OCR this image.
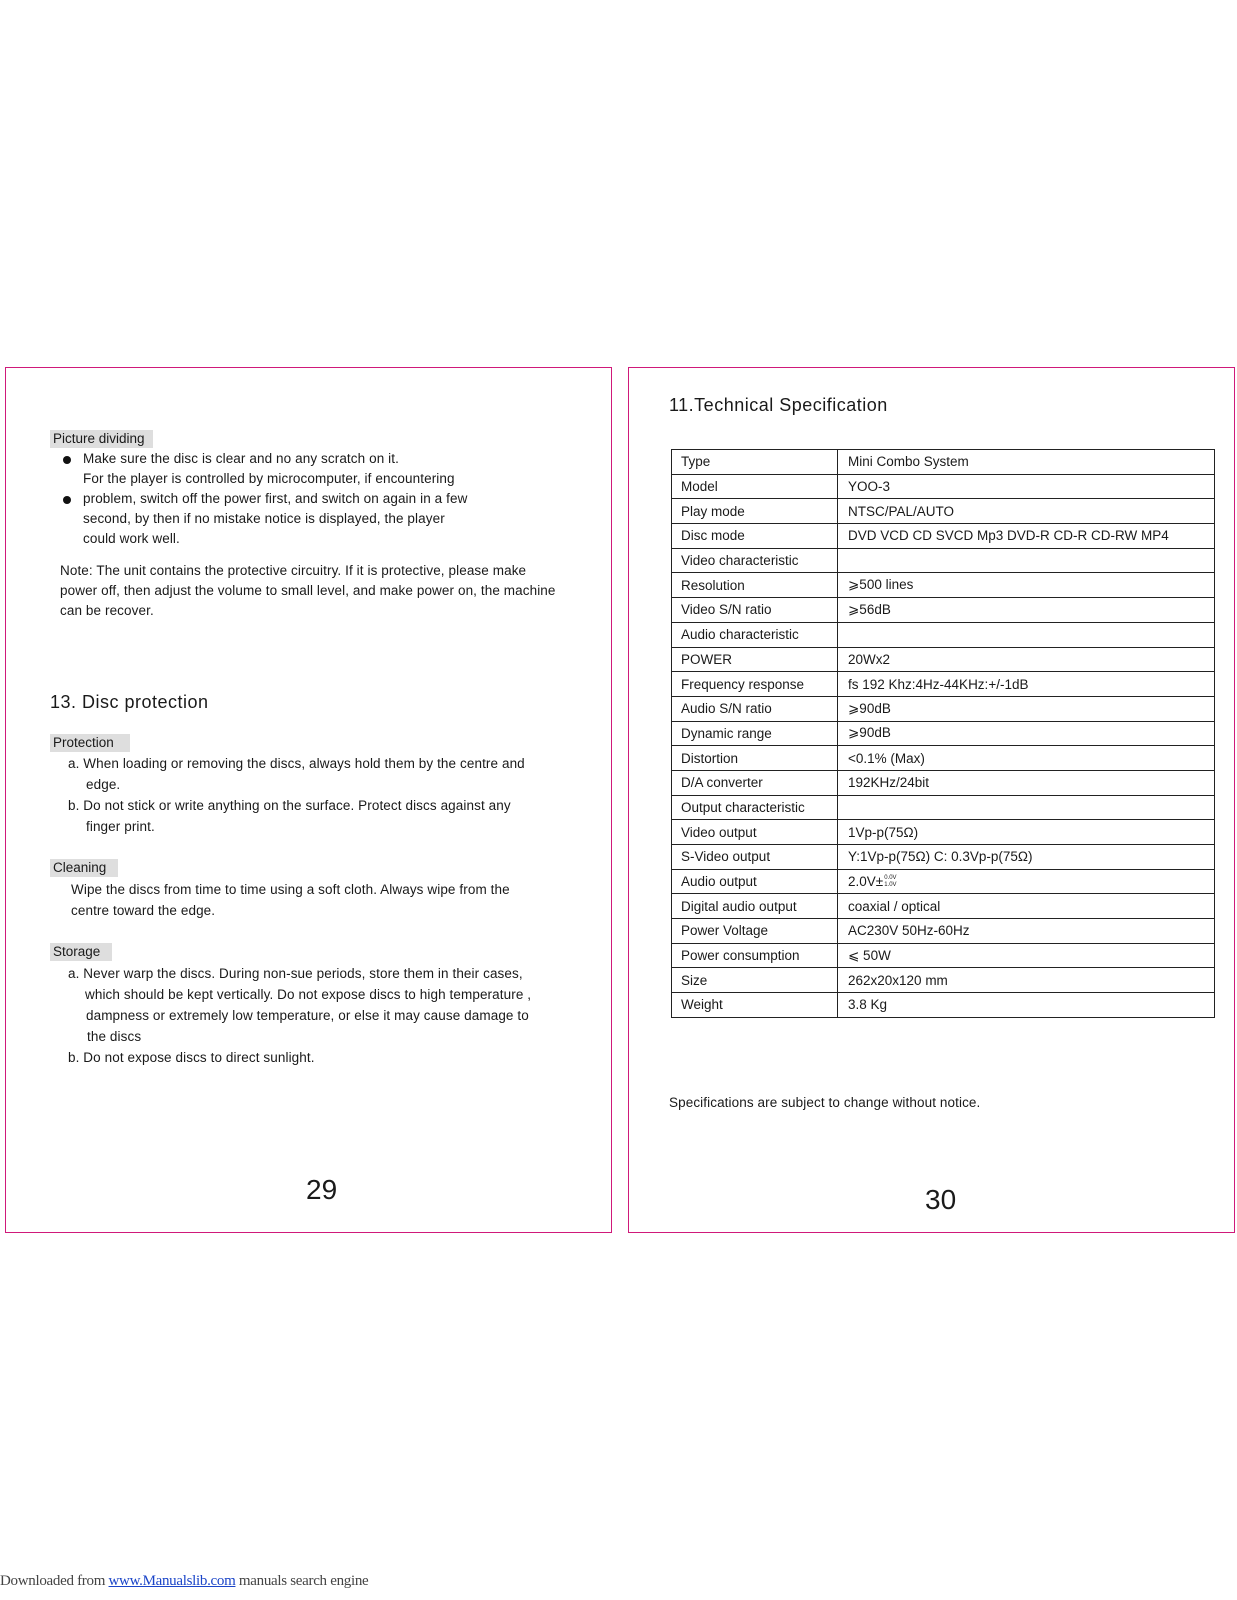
Picture dividing
Make sure the disc is clear and no any scratch on it.
For the player is controlled by microcomputer, if encountering
problem, switch off the power first, and switch on again in a few
second, by then if no mistake notice is displayed, the player
could work well.
Note: The unit contains the protective circuitry. If it is protective, please make
power off, then adjust the volume to small level, and make power on, the machine
can be recover.
13. Disc protection
Protection
a. When loading or removing the discs, always hold them by the centre and
edge.
b. Do not stick or write anything on the surface. Protect discs against any
finger print.
Cleaning
Wipe the discs from time to time using a soft cloth. Always wipe from the
centre toward the edge.
Storage
a. Never warp the discs. During non-sue periods, store them in their cases,
which should be kept vertically. Do not expose discs to high temperature ,
dampness or extremely low temperature, or else it may cause damage to
the discs
b. Do not expose discs to direct sunlight.
29
11.Technical Specification
Type	Mini Combo System
Model	YOO-3
Play mode	NTSC/PAL/AUTO
Disc mode	DVD VCD CD SVCD Mp3 DVD-R CD-R CD-RW MP4
Video characteristic	
Resolution	⩾500 lines
Video S/N ratio	⩾56dB
Audio characteristic	
POWER	20Wx2
Frequency response	fs 192 Khz:4Hz-44KHz:+/-1dB
Audio S/N ratio	⩾90dB
Dynamic range	⩾90dB
Distortion	<0.1% (Max)
D/A converter	192KHz/24bit
Output characteristic	
Video output	1Vp-p(75Ω)
S-Video output	Y:1Vp-p(75Ω) C: 0.3Vp-p(75Ω)
Audio output	2.0V± 0.0V
1.0V

Digital audio output	coaxial / optical
Power Voltage	AC230V 50Hz-60Hz
Power consumption	⩽ 50W
Size	262x20x120 mm
Weight	3.8 Kg
Specifications are subject to change without notice.
30
Downloaded from www.Manualslib.com manuals search engine
